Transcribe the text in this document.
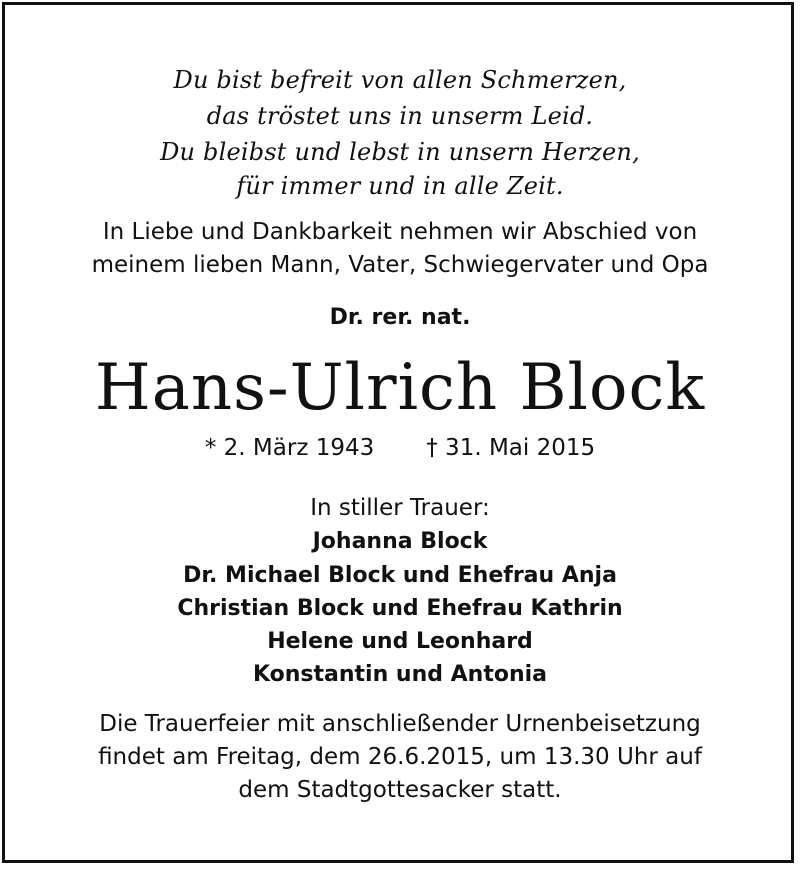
Du bist befreit von allen Schmerzen,
das tröstet uns in unserm Leid.
Du bleibst und lebst in unsern Herzen,
für immer und in alle Zeit.
In Liebe und Dankbarkeit nehmen wir Abschied von
meinem lieben Mann, Vater, Schwiegervater und Opa
Dr. rer. nat.
Hans-Ulrich Block
* 2. März 1943 † 31. Mai 2015
In stiller Trauer:
Johanna Block
Dr. Michael Block und Ehefrau Anja
Christian Block und Ehefrau Kathrin
Helene und Leonhard
Konstantin und Antonia
Die Trauerfeier mit anschließender Urnenbeisetzung
findet am Freitag, dem 26.6.2015, um 13.30 Uhr auf
dem Stadtgottesacker statt.
